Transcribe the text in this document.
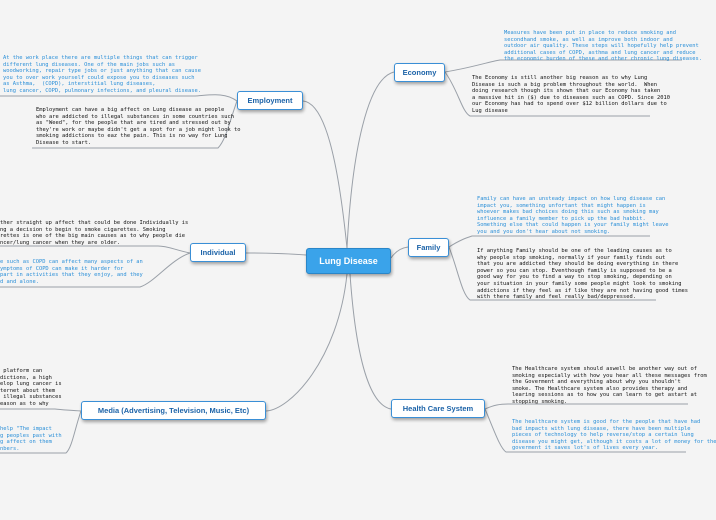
Lung Disease
Economy
Employment
Individual
Media (Advertising, Television, Music, Etc)
Family
Health Care System
Measures have been put in place to reduce smoking and
secondhand smoke, as well as improve both indoor and
outdoor air quality. These steps will hopefully help prevent
additional cases of COPD, asthma and lung cancer and reduce
the economic burden of these and other chronic lung diseases.
The Economy is still another big reason as to why Lung
Disease is such a big problem throughout the world.  When
doing research though its shown that our Economy has taken
a massive hit in ($) due to diseases such as COPD. Since 2010
our Economy has had to spend over $12 billion dollars due to
Lug disease
At the work place there are multiple things that can trigger
different lung diseases. One of the main jobs such as
woodworking, repair type jobs or just anything that can cause
you to over work yourself could expose you to diseases such
as Asthma,  (COPD), interstitial lung diseases,
lung cancer, COPD, pulmonary infections, and pleural disease.
Employment can have a big affect on Lung disease as people
who are addicted to illegal substances in some countries such
as "Weed", for the people that are tired and stressed out by
they're work or maybe didn't get a spot for a job might look to
smoking addictions to eaz the pain. This is no way for Lung
Disease to start.
ther straight up affect that could be done Individually is
ng a decision to begin to smoke cigarettes. Smoking
rettes is one of the big main causes as to why people die
ncer/lung cancer when they are older.
e such as COPD can affect many aspects of an
ymptoms of COPD can make it harder for
part in activities that they enjoy, and they
d and alone.
platform can
dictions, a high
elop lung cancer is
ternet about them
illegal substances
eason as to why
help "The impact
g peoples past with
g affect on them
nbers.
Family can have an unsteady impact on how lung disease can
impact you, something unfortant that might happen is
whoever makes bad choices doing this such as smoking may
influence a family member to pick up the bad habbit.
Something else that could happen is your family might leave
you and you don't hear about not smoking.
If anything Family should be one of the leading causes as to
why people stop smoking, normally if your family finds out
that you are addicted they should be doing everything in there
power so you can stop. Eventhough family is supposed to be a
good way for you to find a way to stop smoking, depending on
your situation in your family some people might look to smoking
addictions if they feel as if like they are not having good times
with there family and feel really bad/deppressed.
The Healthcare system should aswell be another way out of
smoking especially with how you hear all these messages from
the Goverment and everything about why you shouldn't
smoke. The Healthcare system also provides therapy and
learing sessions as to how you can learn to get astart at
stopping smoking.
The healthcare system is good for the people that have had
bad impacts with lung disease, there have been multiple
pieces of technology to help reverse/stop a certain lung
disease you might get, although it costs a lot of money for the
goverment it saves lot's of lives every year.
